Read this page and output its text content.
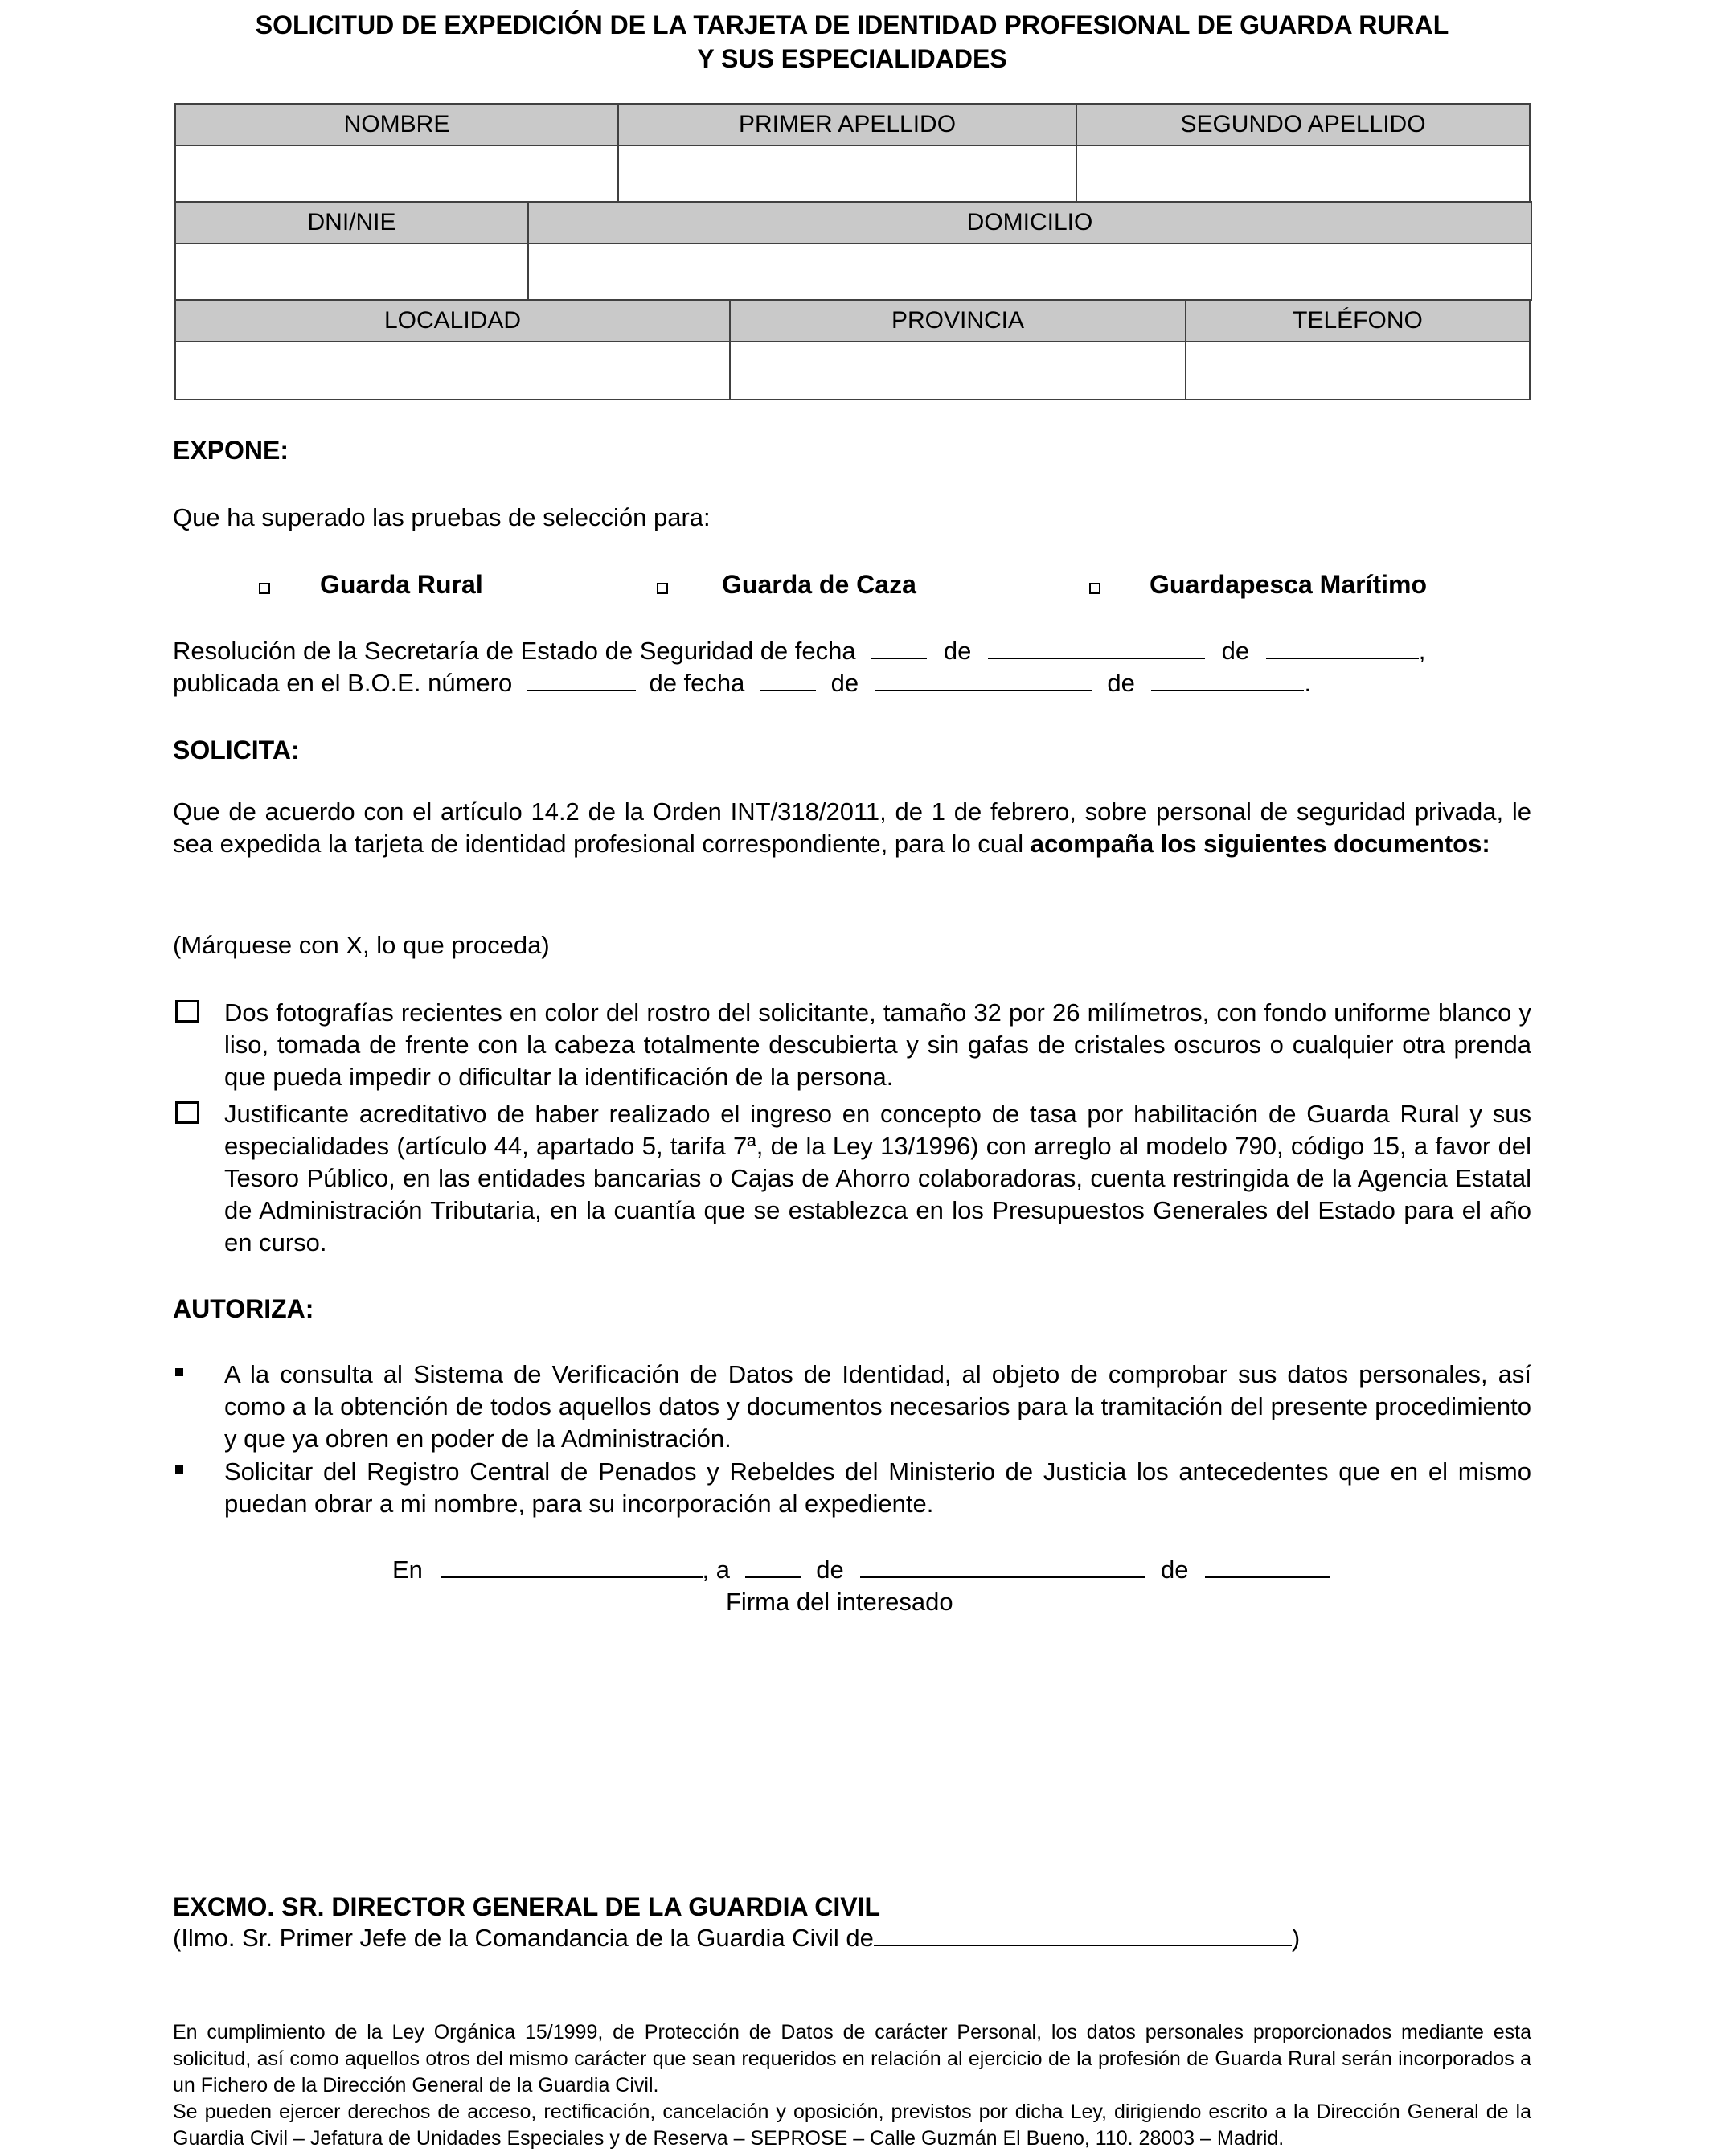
SOLICITUD DE EXPEDICIÓN DE LA TARJETA DE IDENTIDAD PROFESIONAL DE GUARDA RURAL
Y SUS ESPECIALIDADES
NOMBRE	PRIMER APELLIDO	SEGUNDO APELLIDO
DNI/NIE	DOMICILIO
LOCALIDAD	PROVINCIA	TELÉFONO
EXPONE:
Que ha superado las pruebas de selección para:
Guarda Rural	Guarda de Caza	Guardapesca Marítimo
Resolución de la Secretaría de Estado de Seguridad de fecha	de	de	,
publicada en el B.O.E. número	de fecha	de	de	.
SOLICITA:
Que de acuerdo con el artículo 14.2 de la Orden INT/318/2011, de 1 de febrero, sobre personal de seguridad privada, le sea expedida la tarjeta de identidad profesional correspondiente, para lo cual acompaña los siguientes documentos:
(Márquese con X, lo que proceda)
Dos fotografías recientes en color del rostro del solicitante, tamaño 32 por 26 milímetros, con fondo uniforme blanco y liso, tomada de frente con la cabeza totalmente descubierta y sin gafas de cristales oscuros o cualquier otra prenda que pueda impedir o dificultar la identificación de la persona.
Justificante acreditativo de haber realizado el ingreso en concepto de tasa por habilitación de Guarda Rural y sus especialidades (artículo 44, apartado 5, tarifa 7ª, de la Ley 13/1996) con arreglo al modelo 790, código 15, a favor del Tesoro Público, en las entidades bancarias o Cajas de Ahorro colaboradoras, cuenta restringida de la Agencia Estatal de Administración Tributaria, en la cuantía que se establezca en los Presupuestos Generales del Estado para el año en curso.
AUTORIZA:
A la consulta al Sistema de Verificación de Datos de Identidad, al objeto de comprobar sus datos personales, así como a la obtención de todos aquellos datos y documentos necesarios para la tramitación del presente procedimiento y que ya obren en poder de la Administración.
Solicitar del Registro Central de Penados y Rebeldes del Ministerio de Justicia los antecedentes que en el mismo puedan obrar a mi nombre, para su incorporación al expediente.
En	, a	de	de
Firma del interesado
EXCMO. SR. DIRECTOR GENERAL DE LA GUARDIA CIVIL
(Ilmo. Sr. Primer Jefe de la Comandancia de la Guardia Civil de	)
En cumplimiento de la Ley Orgánica 15/1999, de Protección de Datos de carácter Personal, los datos personales proporcionados mediante esta solicitud, así como aquellos otros del mismo carácter que sean requeridos en relación al ejercicio de la profesión de Guarda Rural serán incorporados a un Fichero de la Dirección General de la Guardia Civil.
Se pueden ejercer derechos de acceso, rectificación, cancelación y oposición, previstos por dicha Ley, dirigiendo escrito a la Dirección General de la Guardia Civil – Jefatura de Unidades Especiales y de Reserva – SEPROSE – Calle Guzmán El Bueno, 110. 28003 – Madrid.
